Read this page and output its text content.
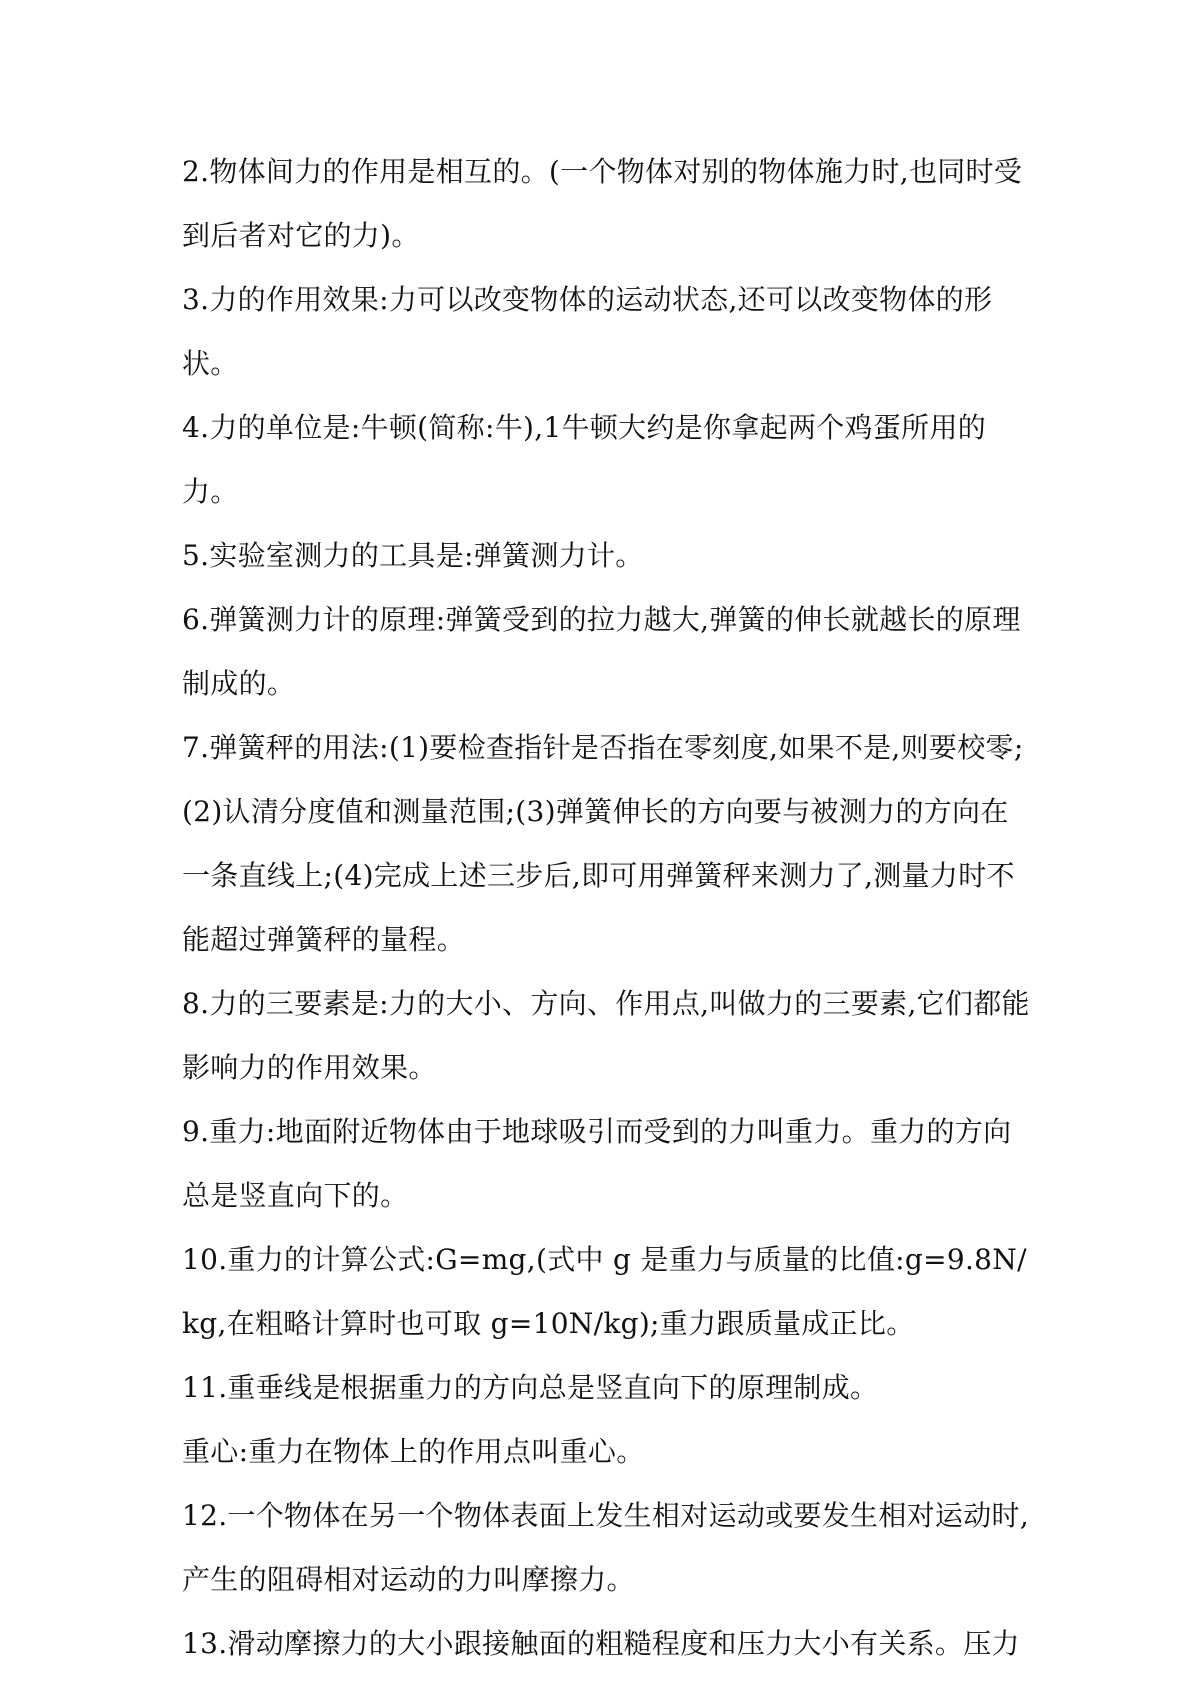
2.物体间力的作用是相互的。(一个物体对别的物体施力时,也同时受到后者对它的力)。

3.力的作用效果:力可以改变物体的运动状态,还可以改变物体的形状。

4.力的单位是:牛顿(简称:牛),1牛顿大约是你拿起两个鸡蛋所用的力。

5.实验室测力的工具是:弹簧测力计。

6.弹簧测力计的原理:弹簧受到的拉力越大,弹簧的伸长就越长的原理制成的。

7.弹簧秤的用法:(1)要检查指针是否指在零刻度,如果不是,则要校零;(2)认清分度值和测量范围;(3)弹簧伸长的方向要与被测力的方向在一条直线上;(4)完成上述三步后,即可用弹簧秤来测力了,测量力时不能超过弹簧秤的量程。

8.力的三要素是:力的大小、方向、作用点,叫做力的三要素,它们都能影响力的作用效果。

9.重力:地面附近物体由于地球吸引而受到的力叫重力。重力的方向总是竖直向下的。

10.重力的计算公式:G=mg,(式中 g 是重力与质量的比值:g=9.8N/kg,在粗略计算时也可取 g=10N/kg);重力跟质量成正比。

11.重垂线是根据重力的方向总是竖直向下的原理制成。

重心:重力在物体上的作用点叫重心。

12.一个物体在另一个物体表面上发生相对运动或要发生相对运动时,产生的阻碍相对运动的力叫摩擦力。

13.滑动摩擦力的大小跟接触面的粗糙程度和压力大小有关系。压力
